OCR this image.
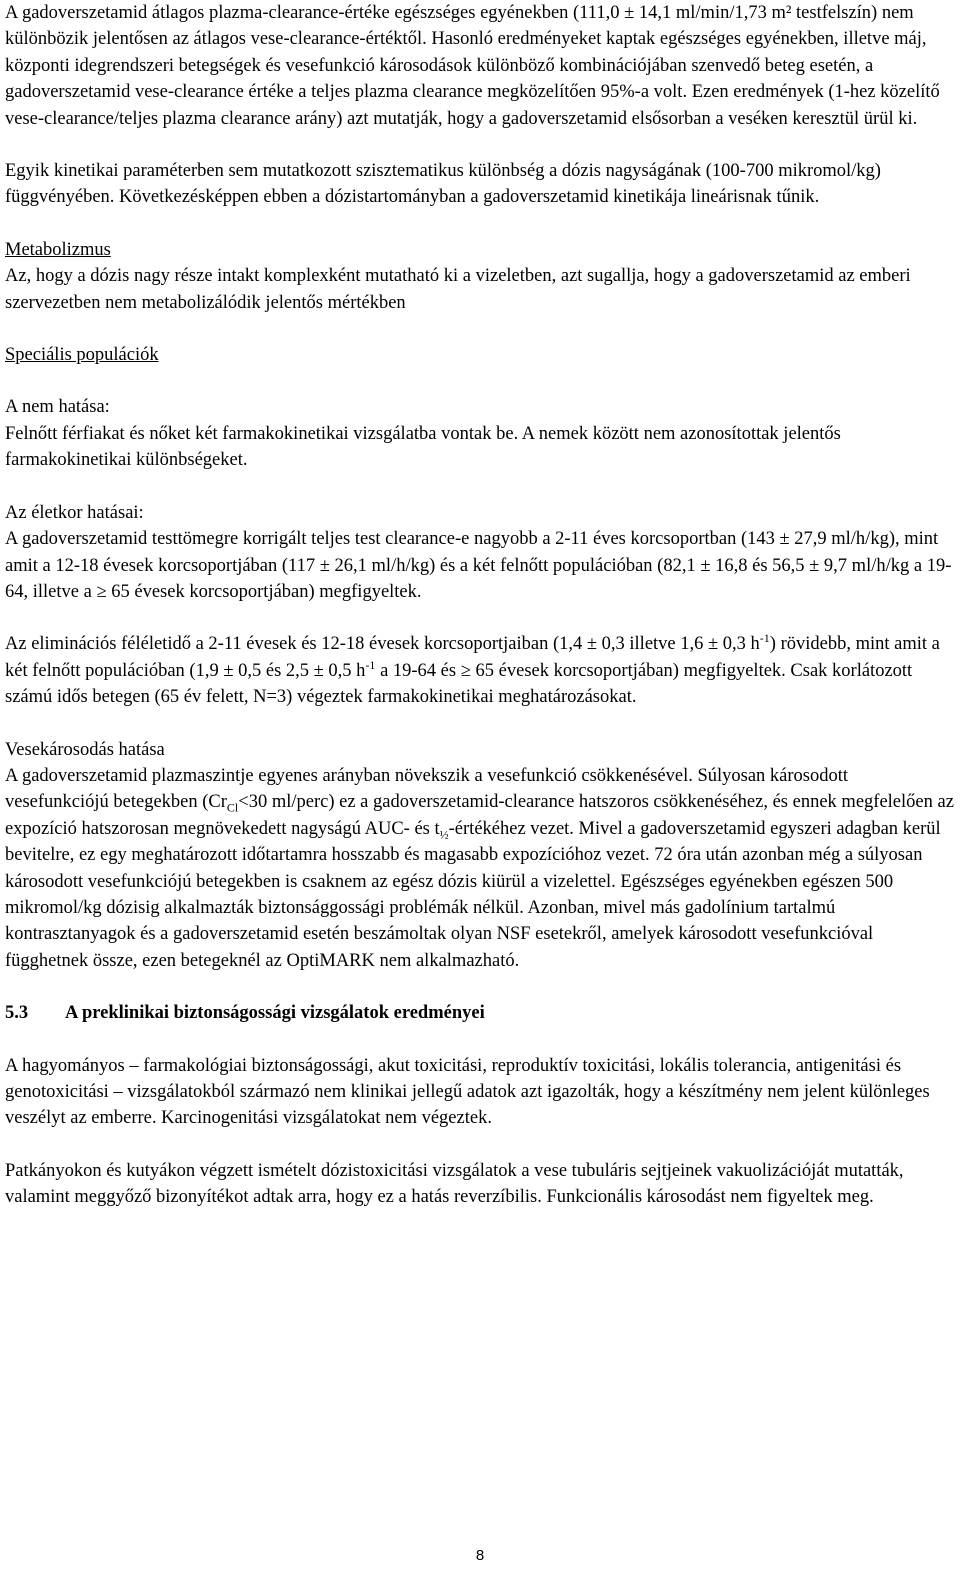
A gadoverszetamid átlagos plazma-clearance-értéke egészséges egyénekben (111,0 ± 14,1 ml/min/1,73 m² testfelszín) nem különbözik jelentősen az átlagos vese-clearance-értéktől. Hasonló eredményeket kaptak egészséges egyénekben, illetve máj, központi idegrendszeri betegségek és vesefunkció károsodások különböző kombinációjában szenvedő beteg esetén, a gadoverszetamid vese-clearance értéke a teljes plazma clearance megközelítően 95%-a volt. Ezen eredmények (1-hez közelítő vese-clearance/teljes plazma clearance arány) azt mutatják, hogy a gadoverszetamid elsősorban a veséken keresztül ürül ki.

Egyik kinetikai paraméterben sem mutatkozott szisztematikus különbség a dózis nagyságának (100-700 mikromol/kg) függvényében. Következésképpen ebben a dózistartományban a gadoverszetamid kinetikája lineárisnak tűnik.

Metabolizmus

Az, hogy a dózis nagy része intakt komplexként mutatható ki a vizeletben, azt sugallja, hogy a gadoverszetamid az emberi szervezetben nem metabolizálódik jelentős mértékben

Speciális populációk

A nem hatása:

Felnőtt férfiakat és nőket két farmakokinetikai vizsgálatba vontak be. A nemek között nem azonosítottak jelentős farmakokinetikai különbségeket.

Az életkor hatásai:

A gadoverszetamid testtömegre korrigált teljes test clearance-e nagyobb a 2-11 éves korcsoportban (143 ± 27,9 ml/h/kg), mint amit a 12-18 évesek korcsoportjában (117 ± 26,1 ml/h/kg) és a két felnőtt populációban (82,1 ± 16,8 és 56,5 ± 9,7 ml/h/kg a 19-64, illetve a ≥ 65 évesek korcsoportjában) megfigyeltek.

Az eliminációs féléletidő a 2-11 évesek és 12-18 évesek korcsoportjaiban (1,4 ± 0,3 illetve 1,6 ± 0,3 $h^{-1}$) rövidebb, mint amit a két felnőtt populációban (1,9 ± 0,5 és 2,5 ± 0,5 $h^{-1}$ a 19-64 és ≥ 65 évesek korcsoportjában) megfigyeltek. Csak korlátozott számú idős betegen (65 év felett, N=3) végeztek farmakokinetikai meghatározásokat.

Vesekárosodás hatása

A gadoverszetamid plazmaszintje egyenes arányban növekszik a vesefunkció csökkenésével. Súlyosan károsodott vesefunkciójú betegekben ($Cr_{Cl}<30$ ml/perc) ez a gadoverszetamid-clearance hatszoros csökkenéséhez, és ennek megfelelően az expozíció hatszorosan megnövekedett nagyságú AUC- és $t_{\frac{1}{2}}$-értékéhez vezet. Mivel a gadoverszetamid egyszeri adagban kerül bevitelre, ez egy meghatározott időtartamra hosszabb és magasabb expozícióhoz vezet. 72 óra után azonban még a súlyosan károsodott vesefunkciójú betegekben is csaknem az egész dózis kiürül a vizelettel. Egészséges egyénekben egészen 500 mikromol/kg dózisig alkalmazták biztonsággossági problémák nélkül. Azonban, mivel más gadolínium tartalmú kontrasztanyagok és a gadoverszetamid esetén beszámoltak olyan NSF esetekről, amelyek károsodott vesefunkcióval függhetnek össze, ezen betegeknél az OptiMARK nem alkalmazható.

5.3	A preklinikai biztonságossági vizsgálatok eredményei

A hagyományos – farmakológiai biztonságossági, akut toxicitási, reproduktív toxicitási, lokális tolerancia, antigenitási és genotoxicitási – vizsgálatokból származó nem klinikai jellegű adatok azt igazolták, hogy a készítmény nem jelent különleges veszélyt az emberre. Karcinogenitási vizsgálatokat nem végeztek.

Patkányokon és kutyákon végzett ismételt dózistoxicitási vizsgálatok a vese tubuláris sejtjeinek vakuolizációját mutatták, valamint meggyőző bizonyítékot adtak arra, hogy ez a hatás reverzíbilis. Funkcionális károsodást nem figyeltek meg.

8
